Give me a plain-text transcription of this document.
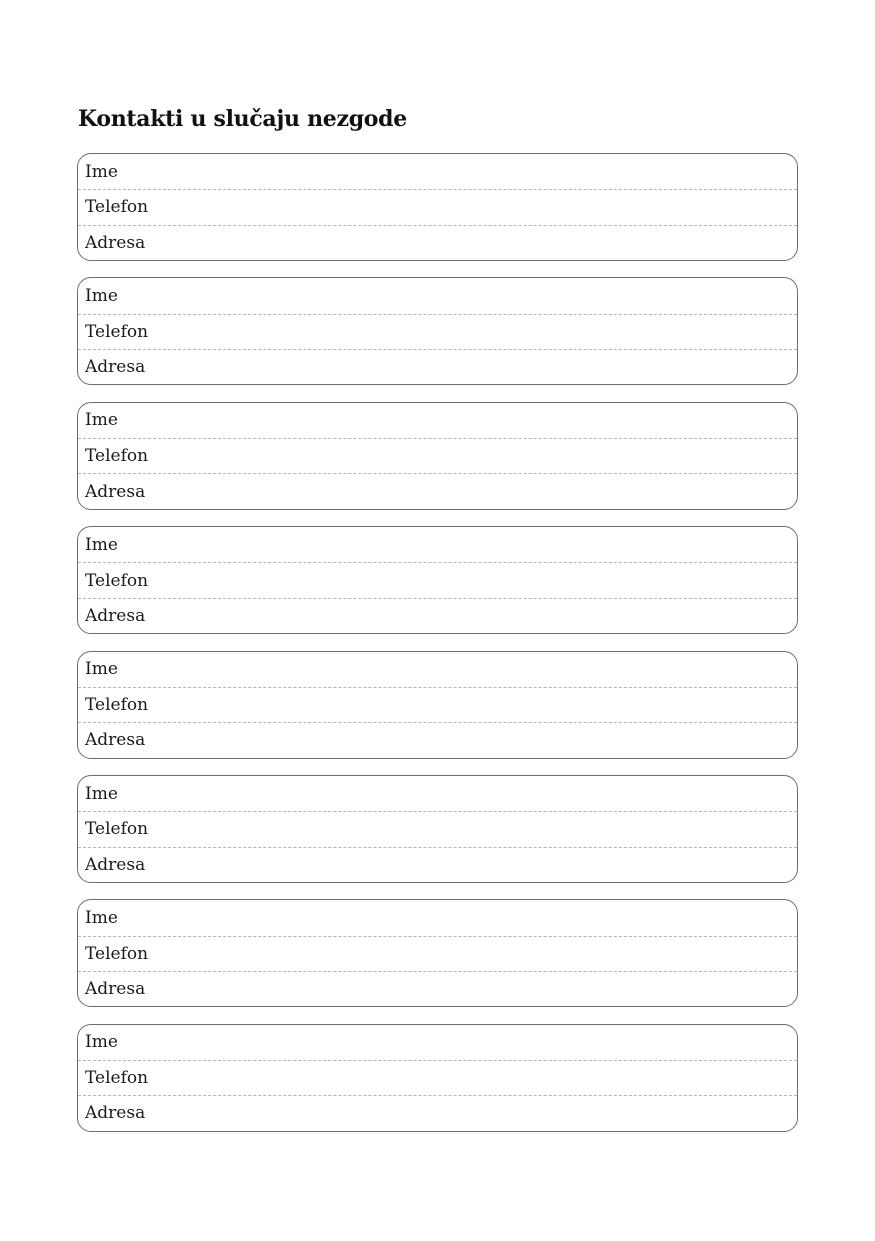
Kontakti u slučaju nezgode
Ime
Telefon
Adresa
Ime
Telefon
Adresa
Ime
Telefon
Adresa
Ime
Telefon
Adresa
Ime
Telefon
Adresa
Ime
Telefon
Adresa
Ime
Telefon
Adresa
Ime
Telefon
Adresa
